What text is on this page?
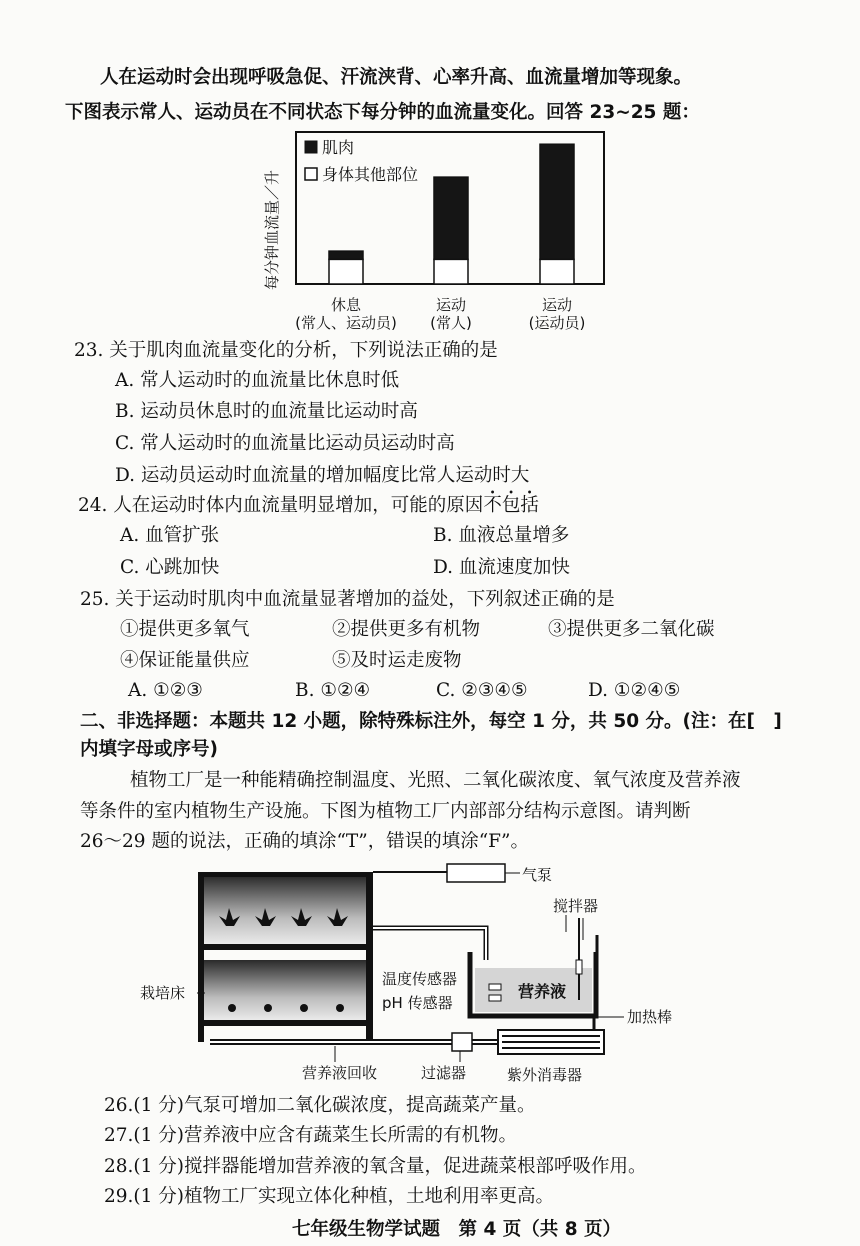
人在运动时会出现呼吸急促、汗流浃背、心率升高、血流量增加等现象。
下图表示常人、运动员在不同状态下每分钟的血流量变化。回答 23~25 题：
每分钟血流量／升
肌肉
身体其他部位
休息
(常人、运动员)
运动
(常人)
运动
(运动员)
23. 关于肌肉血流量变化的分析，下列说法正确的是
A. 常人运动时的血流量比休息时低
B. 运动员休息时的血流量比运动时高
C. 常人运动时的血流量比运动员运动时高
D. 运动员运动时血流量的增加幅度比常人运动时大
24. 人在运动时体内血流量明显增加，可能的原因不包括
A. 血管扩张	B. 血液总量增多
C. 心跳加快	D. 血流速度加快
25. 关于运动时肌肉中血流量显著增加的益处，下列叙述正确的是
①提供更多氧气	②提供更多有机物	③提供更多二氧化碳
④保证能量供应	⑤及时运走废物
A. ①②③	B. ①②④	C. ②③④⑤	D. ①②④⑤
二、非选择题：本题共 12 小题，除特殊标注外，每空 1 分，共 50 分。(注：在[　]
内填字母或序号)
植物工厂是一种能精确控制温度、光照、二氧化碳浓度、氧气浓度及营养液
等条件的室内植物生产设施。下图为植物工厂内部部分结构示意图。请判断
26～29 题的说法，正确的填涂“T”，错误的填涂“F”。
气泵
营养液
搅拌器
温度传感器
pH 传感器
栽培床
加热棒
营养液回收	过滤器	紫外消毒器
26.(1 分)气泵可增加二氧化碳浓度，提高蔬菜产量。
27.(1 分)营养液中应含有蔬菜生长所需的有机物。
28.(1 分)搅拌器能增加营养液的氧含量，促进蔬菜根部呼吸作用。
29.(1 分)植物工厂实现立体化种植，土地利用率更高。
七年级生物学试题　第 4 页（共 8 页）
